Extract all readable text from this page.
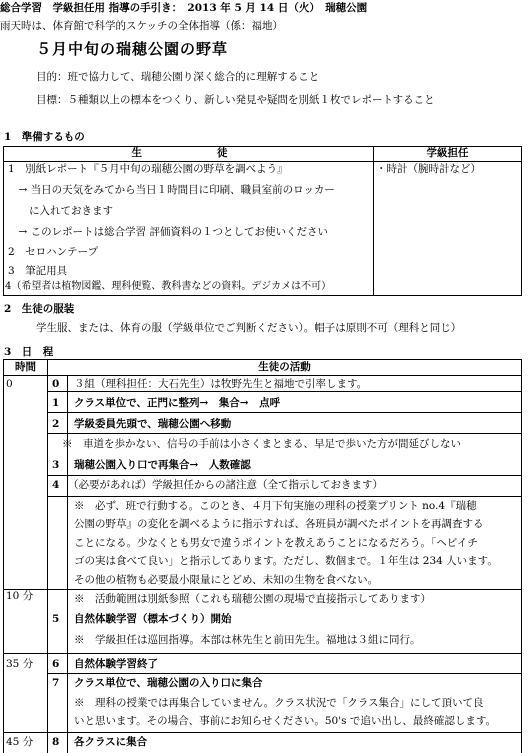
総合学習　学級担任用 指導の手引き：　2013 年 5 月 14 日（火）　瑞穂公園
雨天時は、体育館で科学的スケッチの全体指導（係：福地）
５月中旬の瑞穂公園の野草
目的：班で協力して、瑞穂公園り深く総合的に理解すること
目標：５種類以上の標本をつくり、新しい発見や疑問を別紙１枚でレポートすること
1　準備するもの
生　　徒	学級担任
・時計（腕時計など）
1　別紙レポート『５月中旬の瑞穂公園の野草を調べよう』
　→ 当日の天気をみてから当日１時間目に印刷、職員室前のロッカー
　　に入れておきます
　→ このレポートは総合学習 評価資料の１つとしてお使いください
2　セロハンテープ
3　筆記用具
4（希望者は植物図鑑、理科便覧、教科書などの資料。デジカメは不可）
2　生徒の服装
学生服、または、体育の服（学級単位でご判断ください）。帽子は原則不可（理科と同じ）
3　日　程
時間	生徒の活動
0
10 分
35 分
45 分
0 ３組（理科担任：大石先生）は牧野先生と福地で引率します。
1 クラス単位で、正門に整列→　集合→　点呼
2 学級委員先頭で、瑞穂公園へ移動
※　車道を歩かない、信号の手前は小さくまとまる、早足で歩いた方が間延びしない
3 瑞穂公園入り口で再集合→　人数確認
4 （必要があれば）学級担任からの諸注意（全て指示しておきます）
※　必ず、班で行動する。このとき、４月下旬実施の理科の授業プリント no.4『瑞穂
公園の野草』の変化を調べるように指示すれば、各班員が調べたポイントを再調査する
ことになる。少なくとも男女で違うポイントを教えあうことになるだろう。「ヘビイチ
ゴの実は食べて良い」と指示してあります。ただし、数個まで。１年生は 234 人います。
その他の植物も必要最小限量にとどめ、未知の生物を食べない。
※　活動範囲は別紙参照（これも瑞穂公園の現場で直接指示してあります）
5 自然体験学習（標本づくり）開始
※　学級担任は巡回指導。本部は林先生と前田先生。福地は３組に同行。
6 自然体験学習終了
7 クラス単位で、瑞穂公園の入り口に集合
※　理科の授業では再集合していません。クラス状況で「クラス集合」にして頂いて良
いと思います。その場合、事前にお知らせください。50's で追い出し、最終確認します。
8 各クラスに集合
